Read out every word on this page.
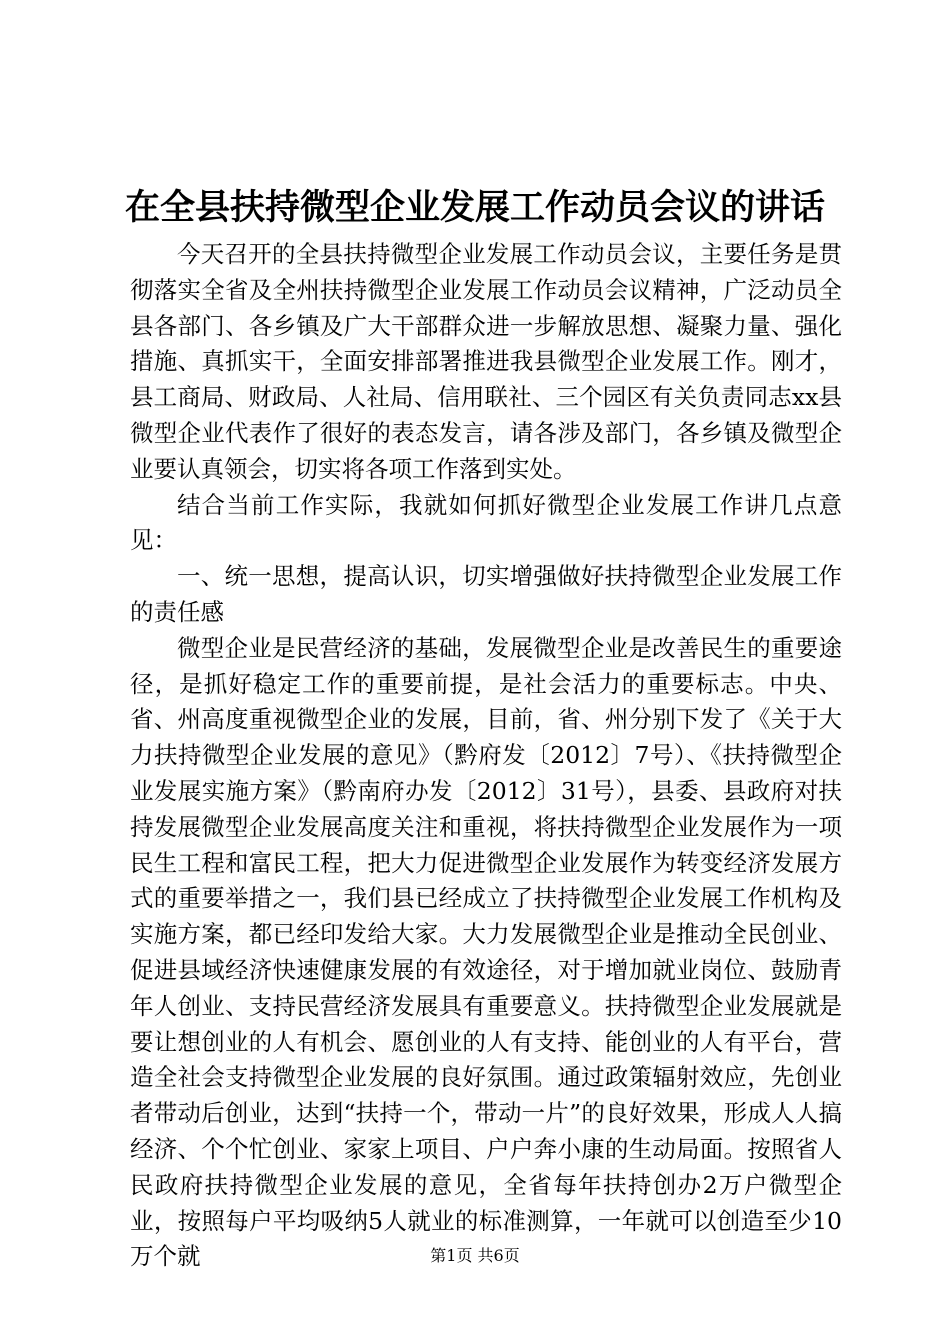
在全县扶持微型企业发展工作动员会议的讲话

今天召开的全县扶持微型企业发展工作动员会议，主要任务是贯彻落实全省及全州扶持微型企业发展工作动员会议精神，广泛动员全县各部门、各乡镇及广大干部群众进一步解放思想、凝聚力量、强化措施、真抓实干，全面安排部署推进我县微型企业发展工作。刚才，县工商局、财政局、人社局、信用联社、三个园区有关负责同志xx县微型企业代表作了很好的表态发言，请各涉及部门，各乡镇及微型企业要认真领会，切实将各项工作落到实处。

结合当前工作实际，我就如何抓好微型企业发展工作讲几点意见：

一、统一思想，提高认识，切实增强做好扶持微型企业发展工作的责任感

微型企业是民营经济的基础，发展微型企业是改善民生的重要途径，是抓好稳定工作的重要前提，是社会活力的重要标志。中央、省、州高度重视微型企业的发展，目前，省、州分别下发了《关于大力扶持微型企业发展的意见》（黔府发〔2012〕7号）、《扶持微型企业发展实施方案》（黔南府办发〔2012〕31号），县委、县政府对扶持发展微型企业发展高度关注和重视，将扶持微型企业发展作为一项民生工程和富民工程，把大力促进微型企业发展作为转变经济发展方式的重要举措之一，我们县已经成立了扶持微型企业发展工作机构及实施方案，都已经印发给大家。大力发展微型企业是推动全民创业、促进县域经济快速健康发展的有效途径，对于增加就业岗位、鼓励青年人创业、支持民营经济发展具有重要意义。扶持微型企业发展就是要让想创业的人有机会、愿创业的人有支持、能创业的人有平台，营造全社会支持微型企业发展的良好氛围。通过政策辐射效应，先创业者带动后创业，达到“扶持一个，带动一片”的良好效果，形成人人搞经济、个个忙创业、家家上项目、户户奔小康的生动局面。按照省人民政府扶持微型企业发展的意见，全省每年扶持创办2万户微型企业，按照每户平均吸纳5人就业的标准测算，一年就可以创造至少10万个就	第1页 共6页
